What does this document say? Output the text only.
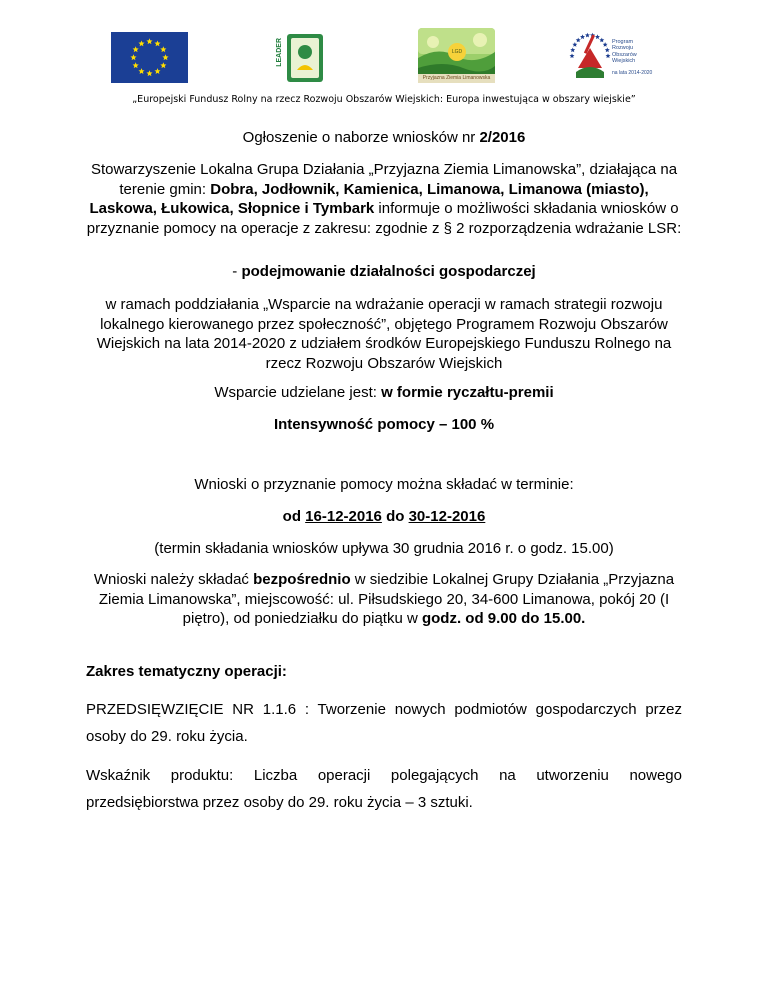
LEADER	LGD
Przyjazna Ziemia Limanowska
Program
Rozwoju
Obszarów
Wiejskich
na lata 2014-2020
„Europejski Fundusz Rolny na rzecz Rozwoju Obszarów Wiejskich: Europa inwestująca w obszary wiejskie”
Ogłoszenie o naborze wniosków nr 2/2016
Stowarzyszenie Lokalna Grupa Działania „Przyjazna Ziemia Limanowska”, działająca na terenie gmin: Dobra, Jodłownik, Kamienica, Limanowa, Limanowa (miasto), Laskowa, Łukowica, Słopnice i Tymbark informuje o możliwości składania wniosków o przyznanie pomocy na operacje z zakresu: zgodnie z § 2 rozporządzenia wdrażanie LSR:
- podejmowanie działalności gospodarczej
w ramach poddziałania „Wsparcie na wdrażanie operacji w ramach strategii rozwoju lokalnego kierowanego przez społeczność”, objętego Programem Rozwoju Obszarów Wiejskich na lata 2014-2020 z udziałem środków Europejskiego Funduszu Rolnego na rzecz Rozwoju Obszarów Wiejskich
Wsparcie udzielane jest: w formie ryczałtu-premii
Intensywność pomocy – 100 %
Wnioski o przyznanie pomocy można składać w terminie:
od 16-12-2016 do 30-12-2016
(termin składania wniosków upływa 30 grudnia 2016 r. o godz. 15.00)
Wnioski należy składać bezpośrednio w siedzibie Lokalnej Grupy Działania „Przyjazna Ziemia Limanowska”, miejscowość: ul. Piłsudskiego 20, 34-600 Limanowa, pokój 20 (I piętro), od poniedziałku do piątku w godz. od 9.00 do 15.00.
Zakres tematyczny operacji:
PRZEDSIĘWZIĘCIE NR 1.1.6 : Tworzenie nowych podmiotów gospodarczych przez
osoby do 29. roku życia.
Wskaźnik produktu: Liczba operacji polegających na utworzeniu nowego
przedsiębiorstwa przez osoby do 29. roku życia – 3 sztuki.
